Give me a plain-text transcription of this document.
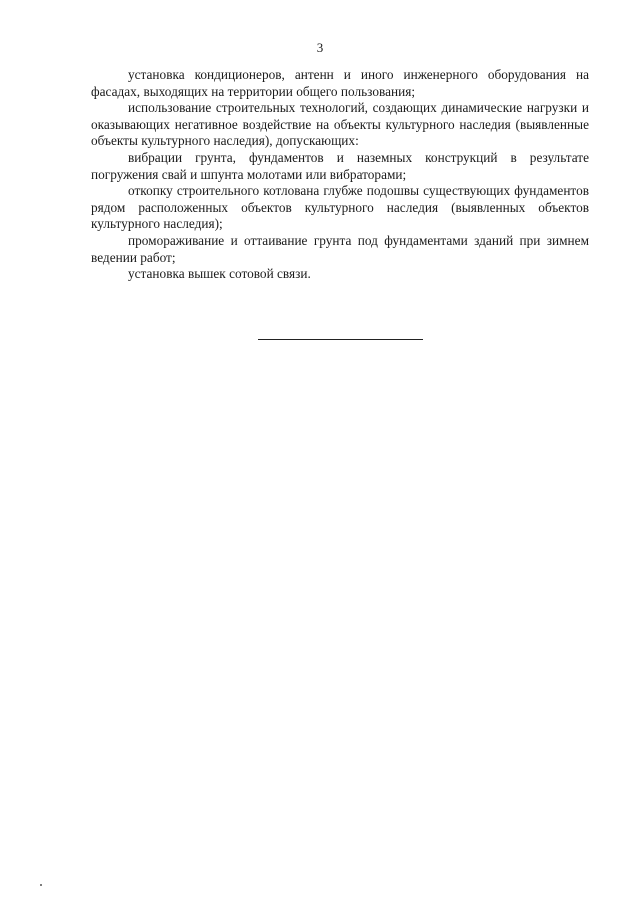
3

установка кондиционеров, антенн и иного инженерного оборудования на фасадах, выходящих на территории общего пользования;

использование строительных технологий, создающих динамические нагрузки и оказывающих негативное воздействие на объекты культурного наследия (выявленные объекты культурного наследия), допускающих:

вибрации грунта, фундаментов и наземных конструкций в результате погружения свай и шпунта молотами или вибраторами;

откопку строительного котлована глубже подошвы существующих фундаментов рядом расположенных объектов культурного наследия (выявленных объектов культурного наследия);

промораживание и оттаивание грунта под фундаментами зданий при зимнем ведении работ;

установка вышек сотовой связи.
